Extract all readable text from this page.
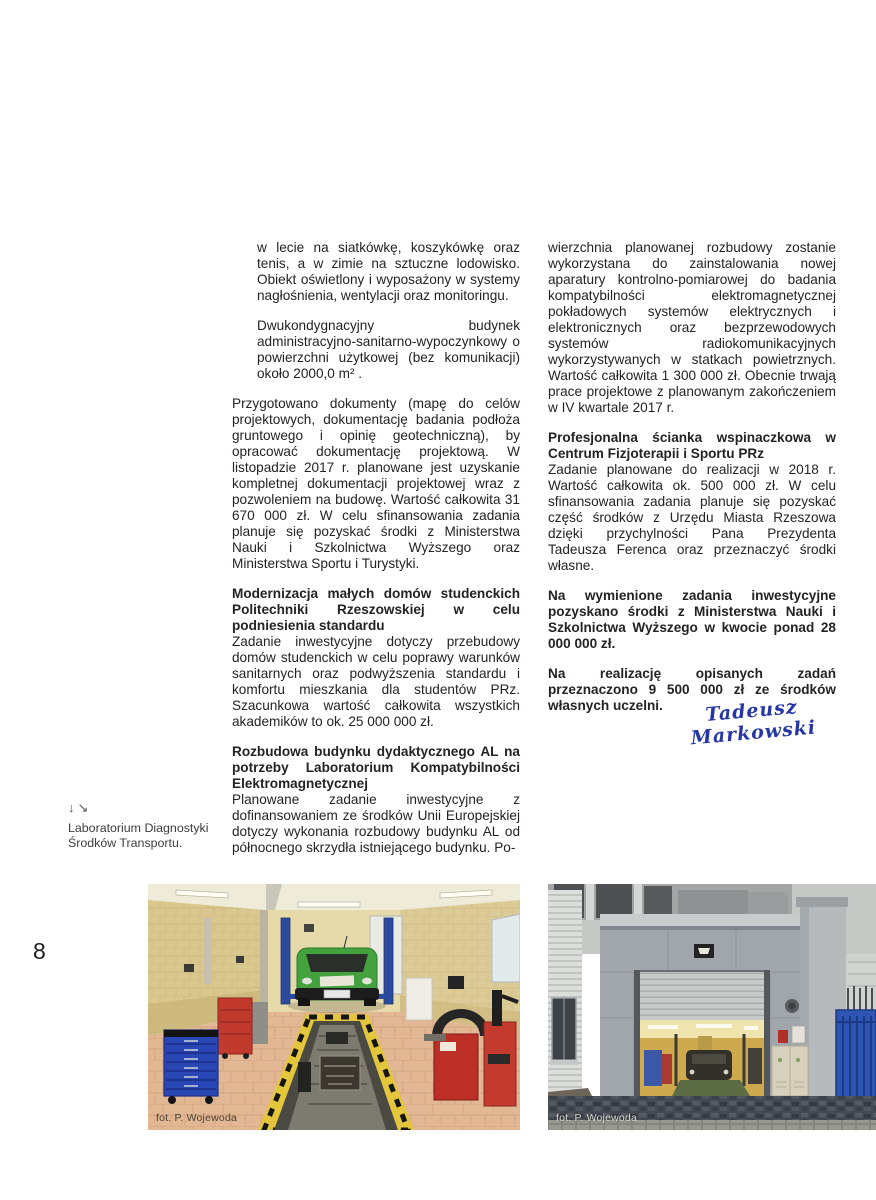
8
↓↘
Laboratorium Diagnostyki
Środków Transportu.

w lecie na siatkówkę, koszykówkę oraz tenis, a w zimie na sztuczne lodowisko. Obiekt oświetlony i wyposażony w systemy nagłośnienia, wentylacji oraz monitoringu.

Dwukondygnacyjny budynek administracyjno-sanitarno-wypoczynkowy o powierzchni użytkowej (bez komunikacji) około 2000,0 m² .

Przygotowano dokumenty (mapę do celów projektowych, dokumentację badania podłoża gruntowego i opinię geotechniczną), by opracować dokumentację projektową. W listopadzie 2017 r. planowane jest uzyskanie kompletnej dokumentacji projektowej wraz z pozwoleniem na budowę. Wartość całkowita 31 670 000 zł. W celu sfinansowania zadania planuje się pozyskać środki z Ministerstwa Nauki i Szkolnictwa Wyższego oraz Ministerstwa Sportu i Turystyki.

Modernizacja małych domów studenckich Politechniki Rzeszowskiej w celu podniesienia standardu

Zadanie inwestycyjne dotyczy przebudowy domów studenckich w celu poprawy warunków sanitarnych oraz podwyższenia standardu i komfortu mieszkania dla studentów PRz. Szacunkowa wartość całkowita wszystkich akademików to ok. 25 000 000 zł.

Rozbudowa budynku dydaktycznego AL na potrzeby Laboratorium Kompatybilności Elektromagnetycznej

Planowane zadanie inwestycyjne z dofinansowaniem ze środków Unii Europejskiej dotyczy wykonania rozbudowy budynku AL od północnego skrzydła istniejącego budynku. Po-

wierzchnia planowanej rozbudowy zostanie wykorzystana do zainstalowania nowej aparatury kontrolno-pomiarowej do badania kompatybilności elektromagnetycznej pokładowych systemów elektrycznych i elektronicznych oraz bezprzewodowych systemów radiokomunikacyjnych wykorzystywanych w statkach powietrznych. Wartość całkowita 1 300 000 zł. Obecnie trwają prace projektowe z planowanym zakończeniem w IV kwartale 2017 r.

Profesjonalna ścianka wspinaczkowa w Centrum Fizjoterapii i Sportu PRz

Zadanie planowane do realizacji w 2018 r. Wartość całkowita ok. 500 000 zł. W celu sfinansowania zadania planuje się pozyskać część środków z Urzędu Miasta Rzeszowa dzięki przychylności Pana Prezydenta Tadeusza Ferenca oraz przeznaczyć środki własne.

Na wymienione zadania inwestycyjne pozyskano środki z Ministerstwa Nauki i Szkolnictwa Wyższego w kwocie ponad 28 000 000 zł.

Na realizację opisanych zadań przeznaczono 9 500 000 zł ze środków własnych uczelni.	Tadeusz Markowski
fot. P. Wojewoda	fot. P. Wojewoda
